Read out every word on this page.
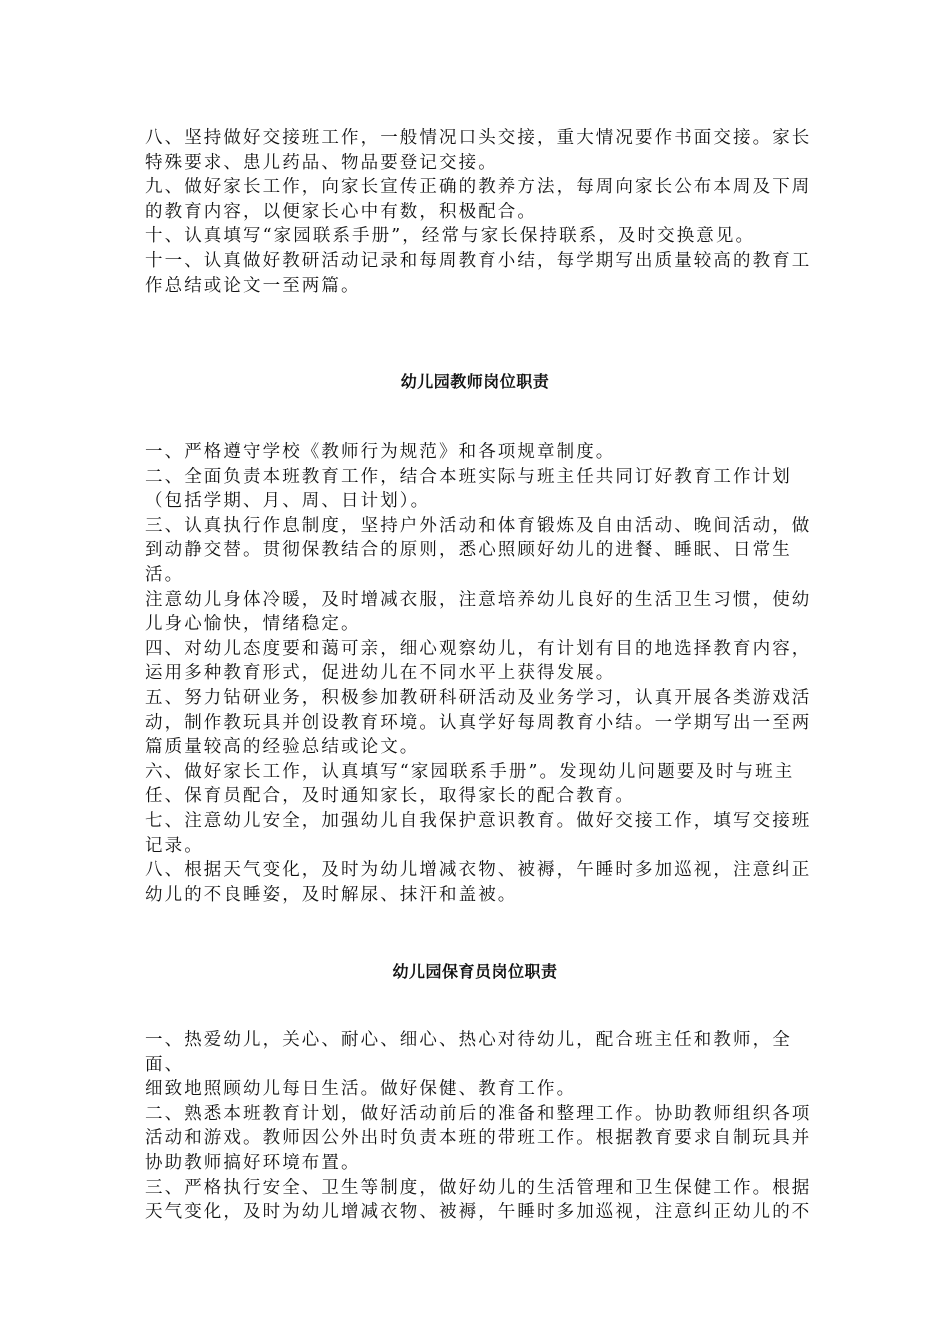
八、坚持做好交接班工作，一般情况口头交接，重大情况要作书面交接。家长

特殊要求、患儿药品、物品要登记交接。

九、做好家长工作，向家长宣传正确的教养方法，每周向家长公布本周及下周

的教育内容，以便家长心中有数，积极配合。

十、认真填写“家园联系手册”，经常与家长保持联系，及时交换意见。

十一、认真做好教研活动记录和每周教育小结，每学期写出质量较高的教育工

作总结或论文一至两篇。

幼儿园教师岗位职责

一、严格遵守学校《教师行为规范》和各项规章制度。

二、全面负责本班教育工作，结合本班实际与班主任共同订好教育工作计划

（包括学期、月、周、日计划）。

三、认真执行作息制度，坚持户外活动和体育锻炼及自由活动、晚间活动，做

到动静交替。贯彻保教结合的原则，悉心照顾好幼儿的进餐、睡眠、日常生活。

注意幼儿身体冷暖，及时增减衣服，注意培养幼儿良好的生活卫生习惯，使幼

儿身心愉快，情绪稳定。

四、对幼儿态度要和蔼可亲，细心观察幼儿，有计划有目的地选择教育内容，

运用多种教育形式，促进幼儿在不同水平上获得发展。

五、努力钻研业务，积极参加教研科研活动及业务学习，认真开展各类游戏活

动，制作教玩具并创设教育环境。认真学好每周教育小结。一学期写出一至两

篇质量较高的经验总结或论文。

六、做好家长工作，认真填写“家园联系手册”。发现幼儿问题要及时与班主

任、保育员配合，及时通知家长，取得家长的配合教育。

七、注意幼儿安全，加强幼儿自我保护意识教育。做好交接工作，填写交接班

记录。

八、根据天气变化，及时为幼儿增减衣物、被褥，午睡时多加巡视，注意纠正

幼儿的不良睡姿，及时解尿、抹汗和盖被。

幼儿园保育员岗位职责

一、热爱幼儿，关心、耐心、细心、热心对待幼儿，配合班主任和教师，全面、

细致地照顾幼儿每日生活。做好保健、教育工作。

二、熟悉本班教育计划，做好活动前后的准备和整理工作。协助教师组织各项

活动和游戏。教师因公外出时负责本班的带班工作。根据教育要求自制玩具并

协助教师搞好环境布置。

三、严格执行安全、卫生等制度，做好幼儿的生活管理和卫生保健工作。根据

天气变化，及时为幼儿增减衣物、被褥，午睡时多加巡视，注意纠正幼儿的不
